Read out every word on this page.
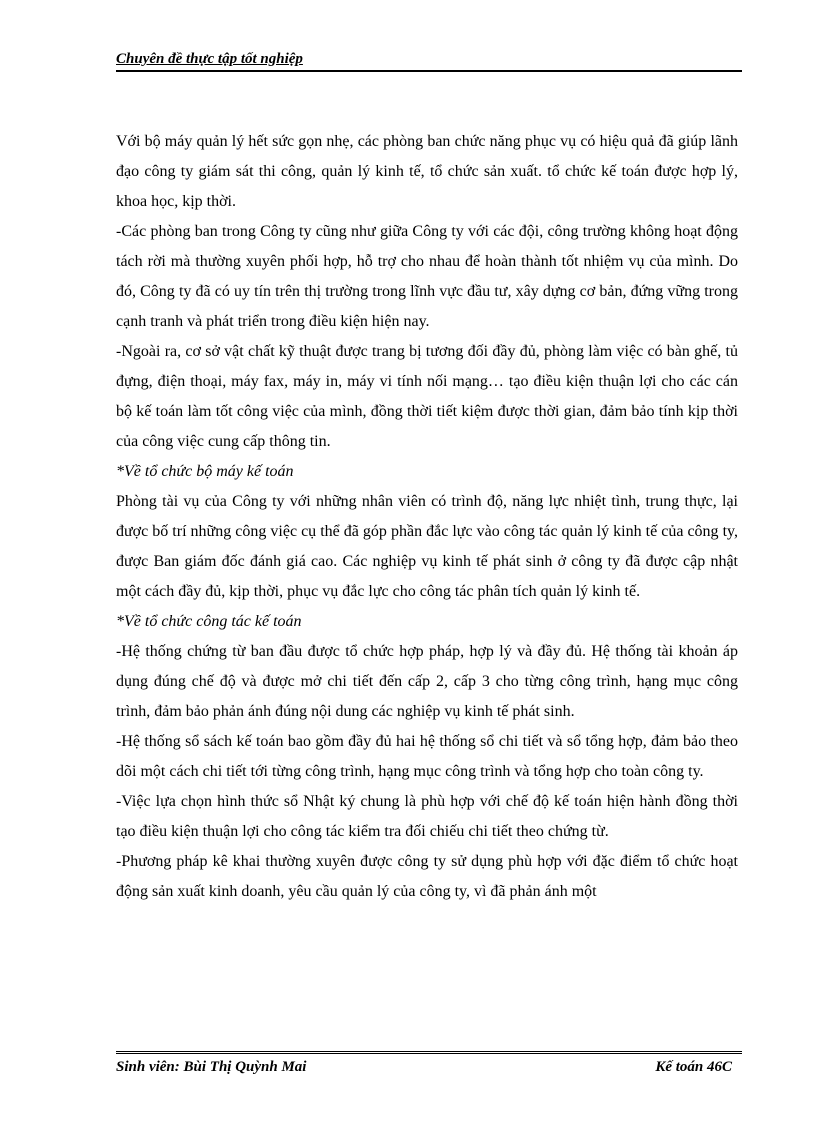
Chuyên đề thực tập tốt nghiệp

Với bộ máy quản lý hết sức gọn nhẹ, các phòng ban chức năng phục vụ có hiệu quả đã giúp lãnh đạo công ty giám sát thi công, quản lý kinh tế, tổ chức sản xuất. tổ chức kế toán được hợp lý, khoa học, kịp thời.

-Các phòng ban trong Công ty cũng như giữa Công ty với các đội, công trường không hoạt động tách rời mà thường xuyên phối hợp, hỗ trợ cho nhau để hoàn thành tốt nhiệm vụ của mình. Do đó, Công ty đã có uy tín trên thị trường trong lĩnh vực đầu tư, xây dựng cơ bản, đứng vững trong cạnh tranh và phát triển trong điều kiện hiện nay.

-Ngoài ra, cơ sở vật chất kỹ thuật được trang bị tương đối đầy đủ, phòng làm việc có bàn ghế, tủ đựng, điện thoại, máy fax, máy in, máy vi tính nối mạng… tạo điều kiện thuận lợi cho các cán bộ kế toán làm tốt công việc của mình, đồng thời tiết kiệm được thời gian, đảm bảo tính kịp thời của công việc cung cấp thông tin.

*Về tổ chức bộ máy kế toán

Phòng tài vụ của Công ty với những nhân viên có trình độ, năng lực nhiệt tình, trung thực, lại được bố trí những công việc cụ thể đã góp phần đắc lực vào công tác quản lý kinh tế của công ty, được Ban giám đốc đánh giá cao. Các nghiệp vụ kinh tế phát sinh ở công ty đã được cập nhật một cách đầy đủ, kịp thời, phục vụ đắc lực cho công tác phân tích quản lý kinh tế.

*Về tổ chức công tác kế toán

-Hệ thống chứng từ ban đầu được tổ chức hợp pháp, hợp lý và đầy đủ. Hệ thống tài khoản áp dụng đúng chế độ và được mở chi tiết đến cấp 2, cấp 3 cho từng công trình, hạng mục công trình, đảm bảo phản ánh đúng nội dung các nghiệp vụ kinh tế phát sinh.

-Hệ thống sổ sách kế toán bao gồm đầy đủ hai hệ thống sổ chi tiết và sổ tổng hợp, đảm bảo theo dõi một cách chi tiết tới từng công trình, hạng mục công trình và tổng hợp cho toàn công ty.

-Việc lựa chọn hình thức sổ Nhật ký chung là phù hợp với chế độ kế toán hiện hành đồng thời tạo điều kiện thuận lợi cho công tác kiểm tra đối chiếu chi tiết theo chứng từ.

-Phương pháp kê khai thường xuyên được công ty sử dụng phù hợp với đặc điểm tổ chức hoạt động sản xuất kinh doanh, yêu cầu quản lý của công ty, vì đã phản ánh một

Sinh viên: Bùi Thị Quỳnh Mai	Kế toán 46C
